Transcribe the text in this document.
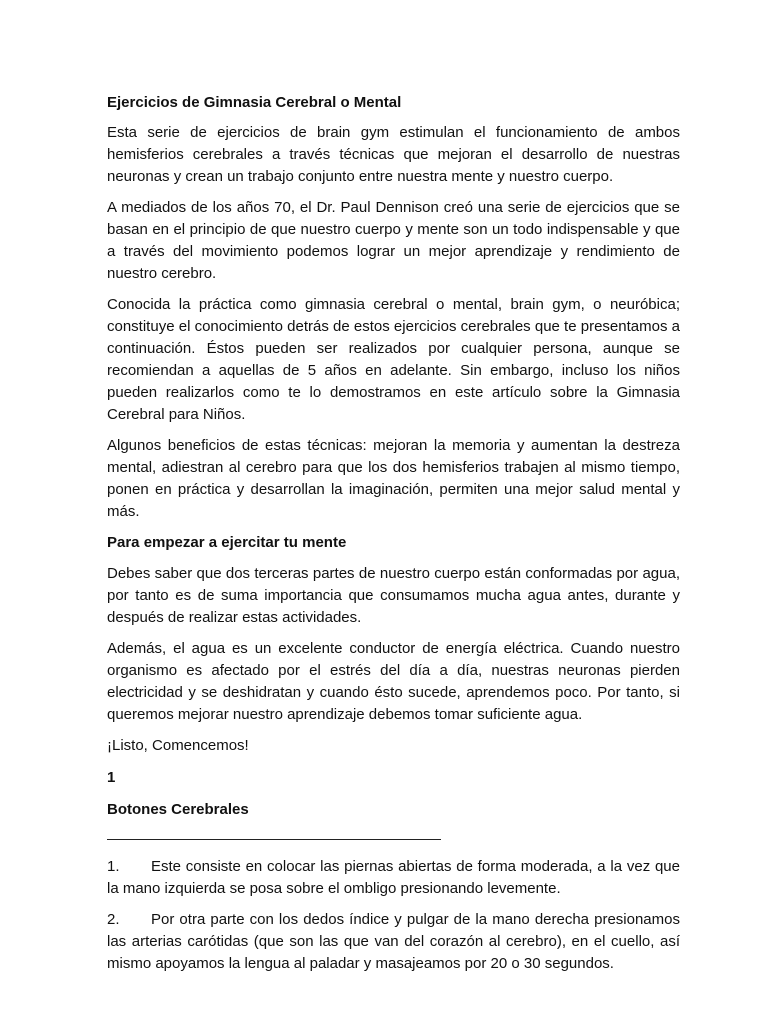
Ejercicios de Gimnasia Cerebral o Mental

Esta serie de ejercicios de brain gym estimulan el funcionamiento de ambos hemisferios cerebrales a través técnicas que mejoran el desarrollo de nuestras neuronas y crean un trabajo conjunto entre nuestra mente y nuestro cuerpo.

A mediados de los años 70, el Dr. Paul Dennison creó una serie de ejercicios que se basan en el principio de que nuestro cuerpo y mente son un todo indispensable y que a través del movimiento podemos lograr un mejor aprendizaje y rendimiento de nuestro cerebro.

Conocida la práctica como gimnasia cerebral o mental, brain gym, o neuróbica; constituye el conocimiento detrás de estos ejercicios cerebrales que te presentamos a continuación. Éstos pueden ser realizados por cualquier persona, aunque se recomiendan a aquellas de 5 años en adelante. Sin embargo, incluso los niños pueden realizarlos como te lo demostramos en este artículo sobre la Gimnasia Cerebral para Niños.

Algunos beneficios de estas técnicas: mejoran la memoria y aumentan la destreza mental, adiestran al cerebro para que los dos hemisferios trabajen al mismo tiempo, ponen en práctica y desarrollan la imaginación, permiten una mejor salud mental y más.

Para empezar a ejercitar tu mente

Debes saber que dos terceras partes de nuestro cuerpo están conformadas por agua, por tanto es de suma importancia que consumamos mucha agua antes, durante y después de realizar estas actividades.

Además, el agua es un excelente conductor de energía eléctrica. Cuando nuestro organismo es afectado por el estrés del día a día, nuestras neuronas pierden electricidad y se deshidratan y cuando ésto sucede, aprendemos poco. Por tanto, si queremos mejorar nuestro aprendizaje debemos tomar suficiente agua.

¡Listo, Comencemos!

1
Botones Cerebrales

1. Este consiste en colocar las piernas abiertas de forma moderada, a la vez que la mano izquierda se posa sobre el ombligo presionando levemente.

2. Por otra parte con los dedos índice y pulgar de la mano derecha presionamos las arterias carótidas (que son las que van del corazón al cerebro), en el cuello, así mismo apoyamos la lengua al paladar y masajeamos por 20 o 30 segundos.
